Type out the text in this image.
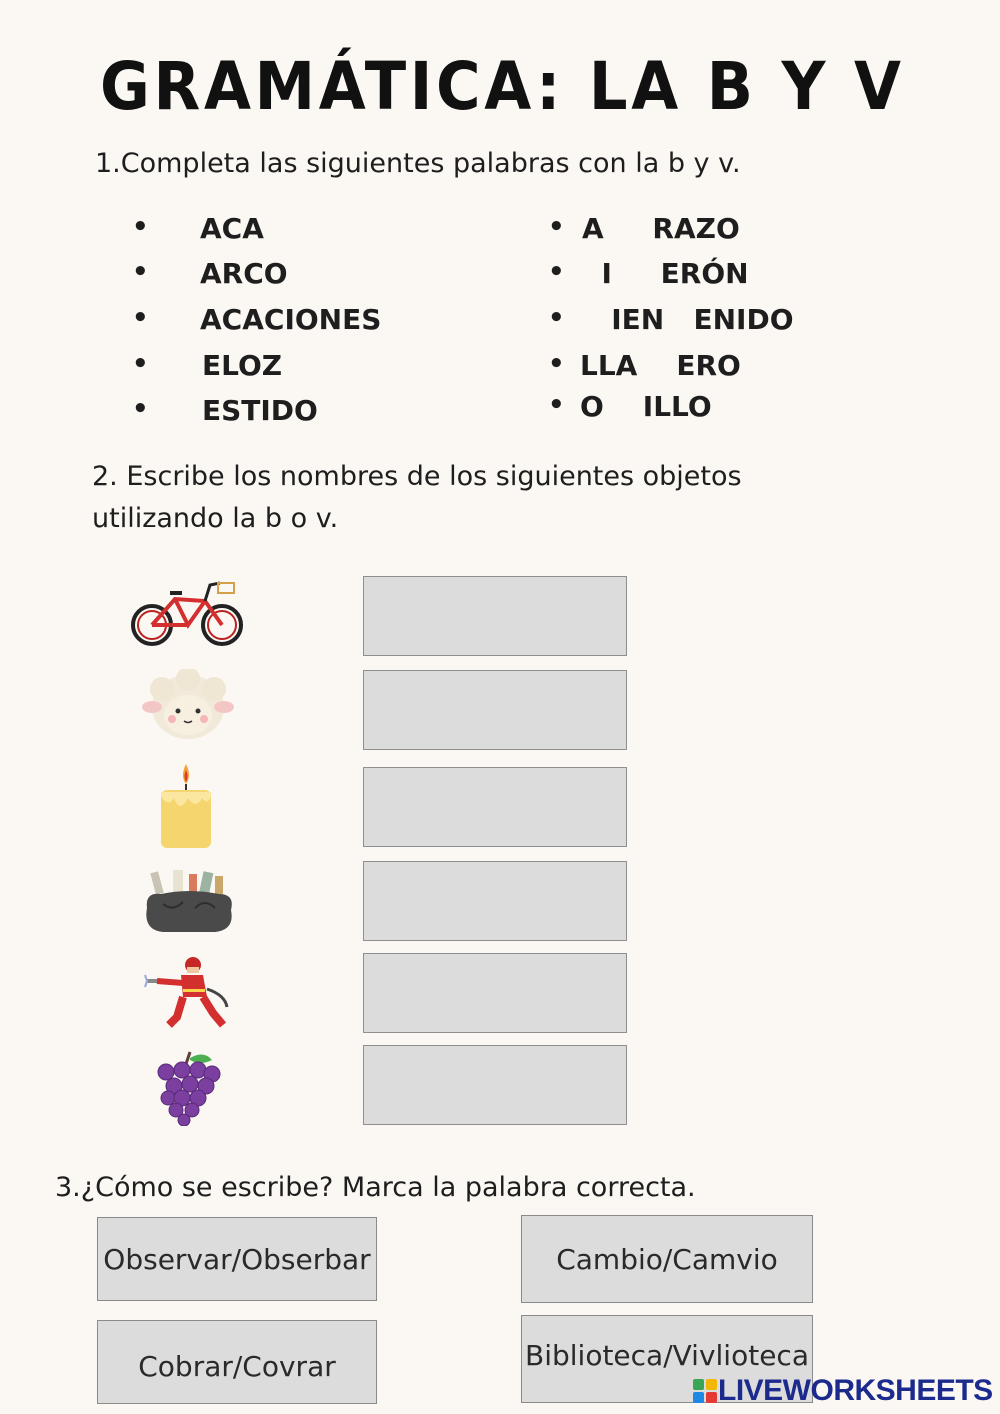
GRAMÁTICA: LA B Y V
1.Completa las siguientes palabras con la b y v.
• ACA
• ARCO
• ACACIONES
• ELOZ
• ESTIDO
• A     RAZO
• I     ERÓN
• IEN   ENIDO
• LLA    ERO
• O    ILLO
2. Escribe los nombres de los siguientes objetos
utilizando la b o v.
3.¿Cómo se escribe? Marca la palabra correcta.
Observar/Obserbar	Cambio/Camvio
Cobrar/Covrar	Biblioteca/Vivlioteca
LIVEWORKSHEETS
